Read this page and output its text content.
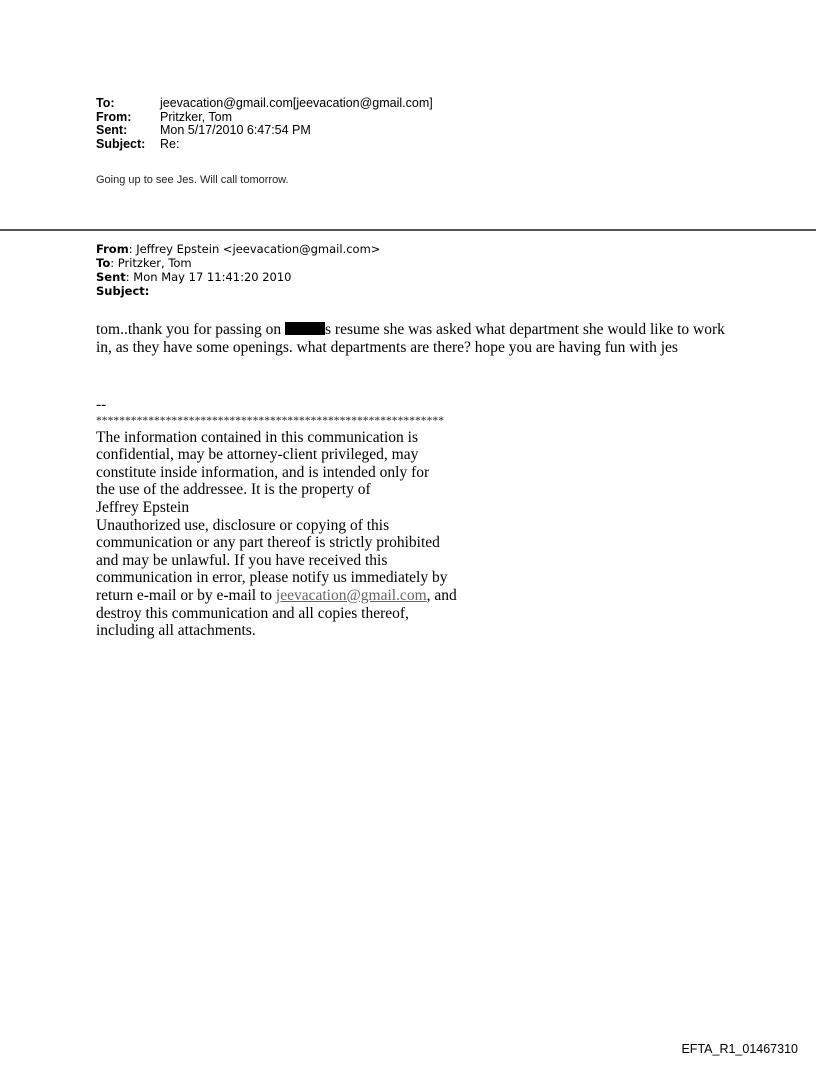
To:	jeevacation@gmail.com[jeevacation@gmail.com]
From:	Pritzker, Tom
Sent:	Mon 5/17/2010 6:47:54 PM
Subject:	Re:
Going up to see Jes. Will call tomorrow.
From: Jeffrey Epstein <jeevacation@gmail.com>
To: Pritzker, Tom
Sent: Mon May 17 11:41:20 2010
Subject:
tom..thank you for passing on	s resume she was asked what department she would like to work in, as they have some openings. what departments are there? hope you are having fun with jes
--
************************************************************
The information contained in this communication is
confidential, may be attorney-client privileged, may
constitute inside information, and is intended only for
the use of the addressee. It is the property of
Jeffrey Epstein
Unauthorized use, disclosure or copying of this
communication or any part thereof is strictly prohibited
and may be unlawful. If you have received this
communication in error, please notify us immediately by
return e-mail or by e-mail to jeevacation@gmail.com, and
destroy this communication and all copies thereof,
including all attachments.
EFTA_R1_01467310
